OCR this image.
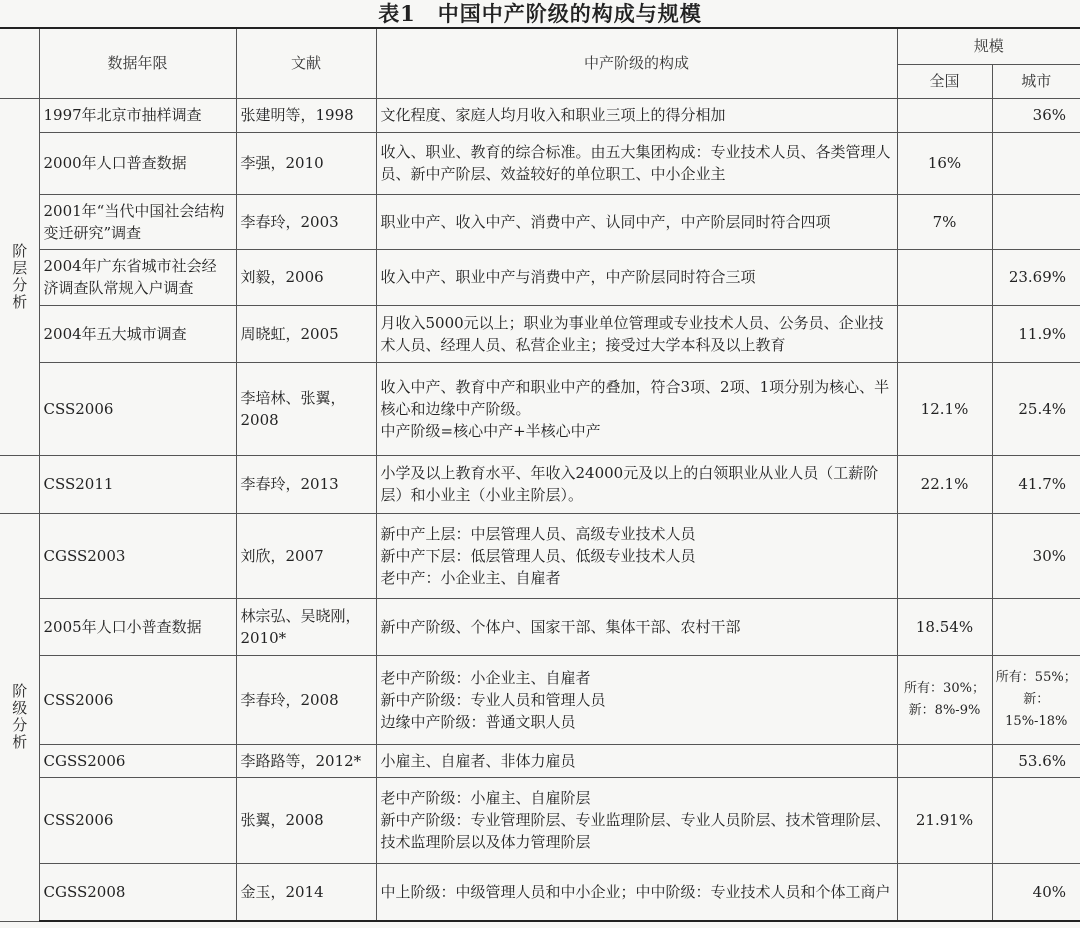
表1　中国中产阶级的构成与规模
	数据年限	文献	中产阶级的构成	规模	
				全国	城市
阶层分析	1997年北京市抽样调查	张建明等，1998	文化程度、家庭人均月收入和职业三项上的得分相加		36%
	2000年人口普查数据	李强，2010	收入、职业、教育的综合标准。由五大集团构成：专业技术人员、各类管理人员、新中产阶层、效益较好的单位职工、中小企业主	16%	
	2001年“当代中国社会结构变迁研究”调查	李春玲，2003	职业中产、收入中产、消费中产、认同中产，中产阶层同时符合四项	7%	
	2004年广东省城市社会经济调查队常规入户调查	刘毅，2006	收入中产、职业中产与消费中产，中产阶层同时符合三项		23.69%
	2004年五大城市调查	周晓虹，2005	月收入5000元以上；职业为事业单位管理或专业技术人员、公务员、企业技术人员、经理人员、私营企业主；接受过大学本科及以上教育		11.9%
	CSS2006	李培林、张翼，2008	收入中产、教育中产和职业中产的叠加，符合3项、2项、1项分别为核心、半核心和边缘中产阶级。
中产阶级=核心中产+半核心中产	12.1%	25.4%
	CSS2011	李春玲，2013	小学及以上教育水平、年收入24000元及以上的白领职业从业人员（工薪阶层）和小业主（小业主阶层）。	22.1%	41.7%
阶级分析	CGSS2003	刘欣，2007	新中产上层：中层管理人员、高级专业技术人员
新中产下层：低层管理人员、低级专业技术人员
老中产：小企业主、自雇者		30%
	2005年人口小普查数据	林宗弘、吴晓刚，2010*	新中产阶级、个体户、国家干部、集体干部、农村干部	18.54%	
	CSS2006	李春玲，2008	老中产阶级：小企业主、自雇者
新中产阶级：专业人员和管理人员
边缘中产阶级：普通文职人员	所有：30%；
新：8%-9%	所有：55%；
新：15%-18%
	CGSS2006	李路路等，2012*	小雇主、自雇者、非体力雇员		53.6%
	CSS2006	张翼，2008	老中产阶级：小雇主、自雇阶层
新中产阶级：专业管理阶层、专业监理阶层、专业人员阶层、技术管理阶层、技术监理阶层以及体力管理阶层	21.91%	
	CGSS2008	金玉，2014	中上阶级：中级管理人员和中小企业；中中阶级：专业技术人员和个体工商户		40%
